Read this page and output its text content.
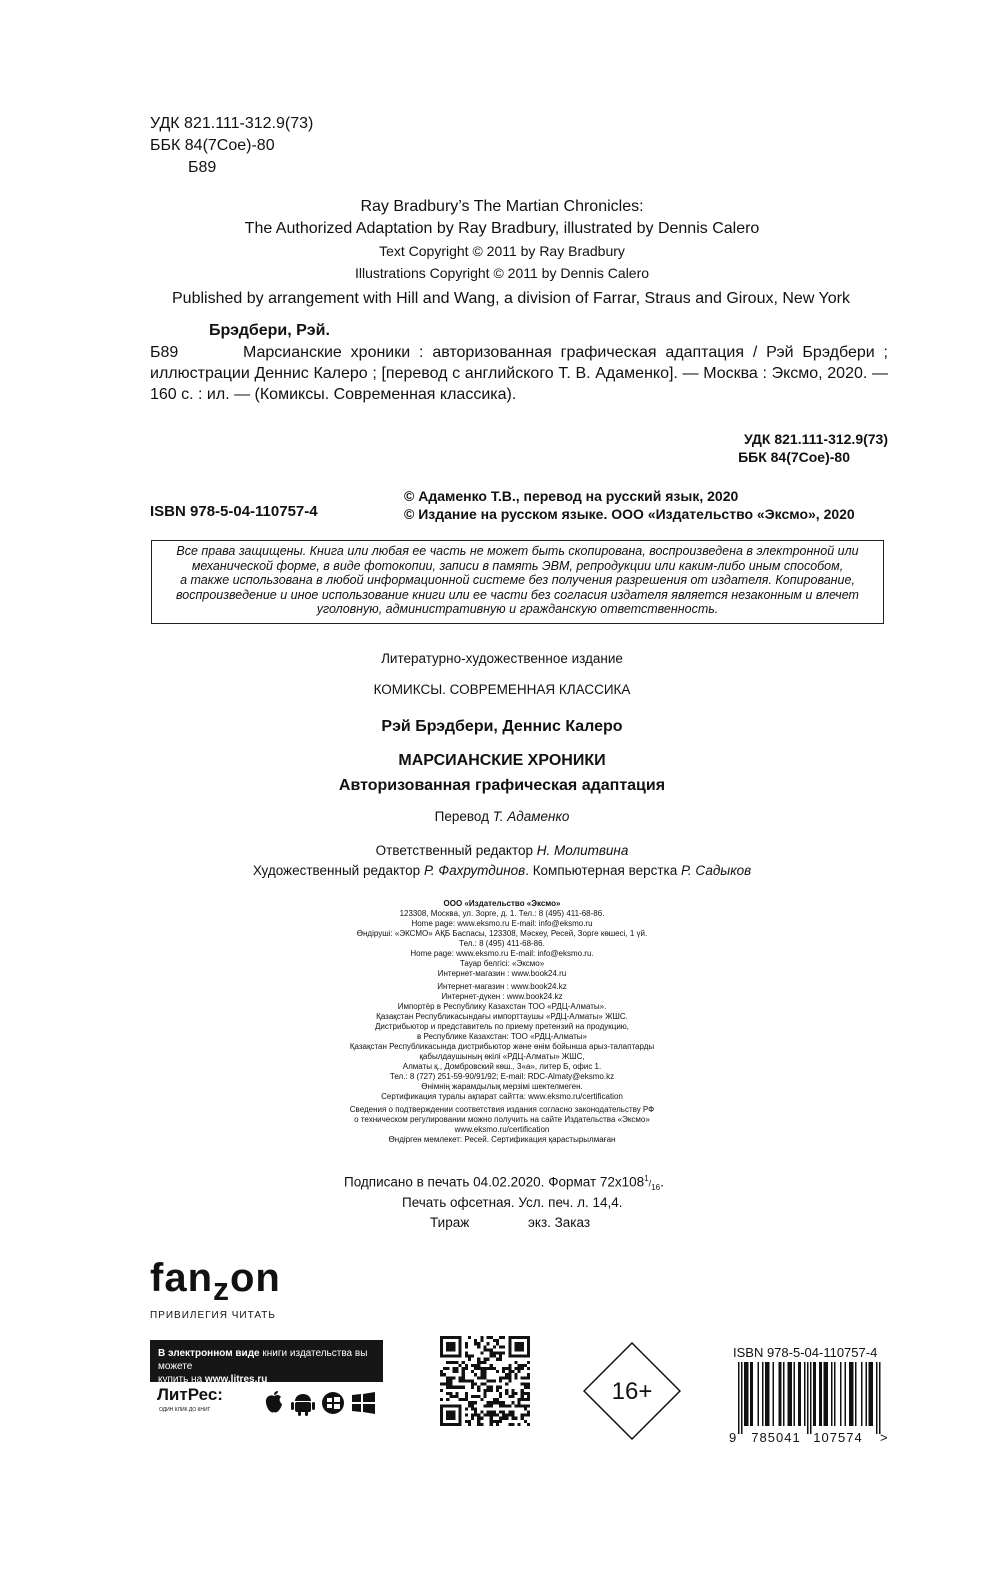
УДК 821.111-312.9(73)
ББК 84(7Сое)-80
Б89
Ray Bradbury’s The Martian Chronicles:
The Authorized Adaptation by Ray Bradbury, illustrated by Dennis Calero
Text Copyright © 2011 by Ray Bradbury
Illustrations Copyright © 2011 by Dennis Calero
Published by arrangement with Hill and Wang, a division of Farrar, Straus and Giroux, New York
Брэдбери, Рэй.
Б89	Марсианские хроники : авторизованная графическая адаптация / Рэй Брэдбери ; иллюстрации Деннис Калеро ; [перевод с английского Т. В. Адаменко]. — Москва : Эксмо, 2020. — 160 с. : ил. — (Комиксы. Современная классика).
УДК 821.111-312.9(73)
ББК 84(7Сое)-80
ISBN 978-5-04-110757-4
© Адаменко Т.В., перевод на русский язык, 2020
© Издание на русском языке. ООО «Издательство «Эксмо», 2020
Все права защищены. Книга или любая ее часть не может быть скопирована, воспроизведена в электронной или
механической форме, в виде фотокопии, записи в память ЭВМ, репродукции или каким-либо иным способом,
а также использована в любой информационной системе без получения разрешения от издателя. Копирование,
воспроизведение и иное использование книги или ее части без согласия издателя является незаконным и влечет
уголовную, административную и гражданскую ответственность.
Литературно-художественное издание
КОМИКСЫ. СОВРЕМЕННАЯ КЛАССИКА
Рэй Брэдбери, Деннис Калеро
МАРСИАНСКИЕ ХРОНИКИ
Авторизованная графическая адаптация
Перевод Т. Адаменко
Ответственный редактор Н. Молитвина
Художественный редактор Р. Фахрутдинов. Компьютерная верстка Р. Садыков
ООО «Издательство «Эксмо»
123308, Москва, ул. Зорге, д. 1. Тел.: 8 (495) 411-68-86.
Home page: www.eksmo.ru E-mail: info@eksmo.ru
Өндіруші: «ЭКСМО» АҚБ Баспасы, 123308, Мәскеу, Ресей, Зорге көшесі, 1 үй.
Тел.: 8 (495) 411-68-86.
Home page: www.eksmo.ru E-mail: info@eksmo.ru.
Тауар белгісі: «Эксмо»
Интернет-магазин : www.book24.ru
Интернет-магазин : www.book24.kz
Интернет-дүкен : www.book24.kz
Импортёр в Республику Казахстан ТОО «РДЦ-Алматы».
Қазақстан Республикасындағы импорттаушы «РДЦ-Алматы» ЖШС.
Дистрибьютор и представитель по приему претензий на продукцию,
в Республике Казахстан: ТОО «РДЦ-Алматы»
Қазақстан Республикасында дистрибьютор және өнім бойынша арыз-талаптарды
қабылдаушының өкілі «РДЦ-Алматы» ЖШС,
Алматы қ., Домбровский көш., 3«а», литер Б, офис 1.
Тел.: 8 (727) 251-59-90/91/92; E-mail: RDC-Almaty@eksmo.kz
Өнімнің жарамдылық мерзімі шектелмеген.
Сертификация туралы ақпарат сайтта: www.eksmo.ru/certification
Сведения о подтверждении соответствия издания согласно законодательству РФ
о техническом регулировании можно получить на сайте Издательства «Эксмо»
www.eksmo.ru/certification
Өндірген мемлекет: Ресей. Сертификация қарастырылмаған
Подписано в печать 04.02.2020. Формат $72х108^1/_{16}$.
Печать офсетная. Усл. печ. л. 14,4.
Тираж	экз. Заказ
fan$_z$on
ПРИВИЛЕГИЯ ЧИТАТЬ
В электронном виде книги издательства вы можете
купить на www.litres.ru
ЛитРес:
ОДИН КЛИК ДО КНИГ
16+
ISBN 978-5-04-110757-4
9 785041 107574 >
